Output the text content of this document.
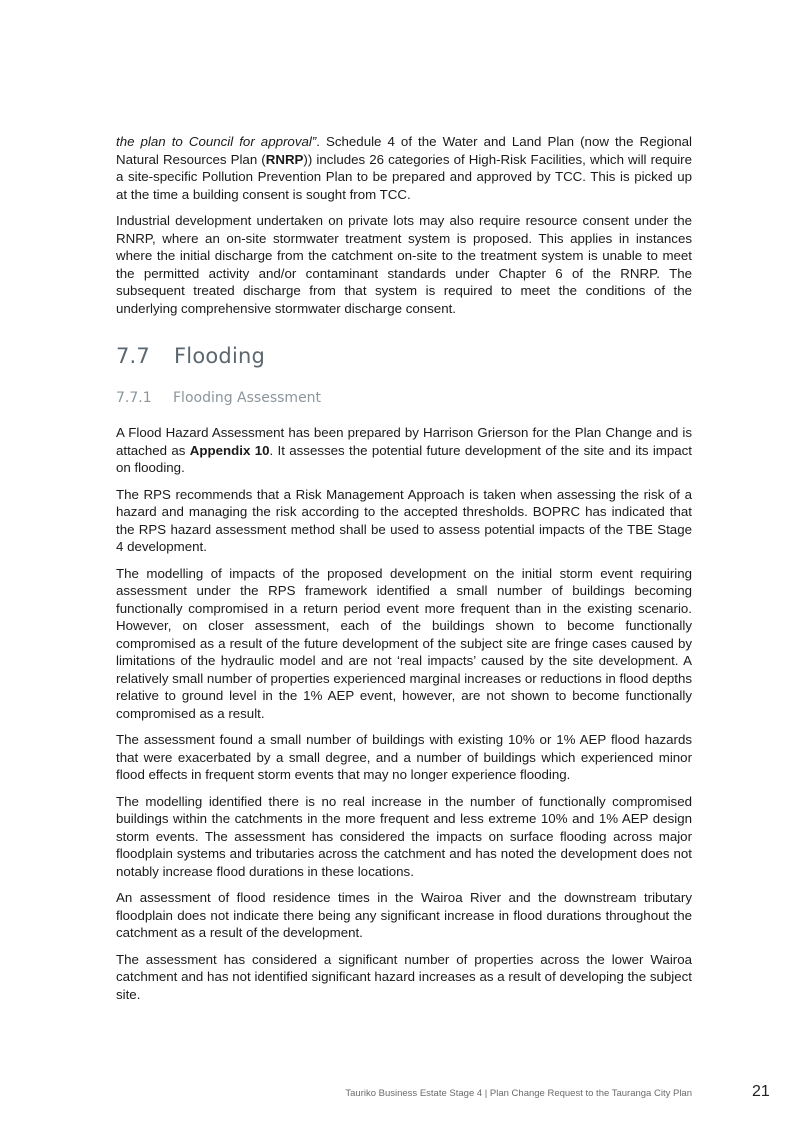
the plan to Council for approval”. Schedule 4 of the Water and Land Plan (now the Regional Natural Resources Plan (RNRP)) includes 26 categories of High-Risk Facilities, which will require a site-specific Pollution Prevention Plan to be prepared and approved by TCC. This is picked up at the time a building consent is sought from TCC.

Industrial development undertaken on private lots may also require resource consent under the RNRP, where an on-site stormwater treatment system is proposed. This applies in instances where the initial discharge from the catchment on-site to the treatment system is unable to meet the permitted activity and/or contaminant standards under Chapter 6 of the RNRP. The subsequent treated discharge from that system is required to meet the conditions of the underlying comprehensive stormwater discharge consent.

7.7 Flooding
7.7.1 Flooding Assessment

A Flood Hazard Assessment has been prepared by Harrison Grierson for the Plan Change and is attached as Appendix 10. It assesses the potential future development of the site and its impact on flooding.

The RPS recommends that a Risk Management Approach is taken when assessing the risk of a hazard and managing the risk according to the accepted thresholds. BOPRC has indicated that the RPS hazard assessment method shall be used to assess potential impacts of the TBE Stage 4 development.

The modelling of impacts of the proposed development on the initial storm event requiring assessment under the RPS framework identified a small number of buildings becoming functionally compromised in a return period event more frequent than in the existing scenario. However, on closer assessment, each of the buildings shown to become functionally compromised as a result of the future development of the subject site are fringe cases caused by limitations of the hydraulic model and are not ‘real impacts’ caused by the site development. A relatively small number of properties experienced marginal increases or reductions in flood depths relative to ground level in the 1% AEP event, however, are not shown to become functionally compromised as a result.

The assessment found a small number of buildings with existing 10% or 1% AEP flood hazards that were exacerbated by a small degree, and a number of buildings which experienced minor flood effects in frequent storm events that may no longer experience flooding.

The modelling identified there is no real increase in the number of functionally compromised buildings within the catchments in the more frequent and less extreme 10% and 1% AEP design storm events. The assessment has considered the impacts on surface flooding across major floodplain systems and tributaries across the catchment and has noted the development does not notably increase flood durations in these locations.

An assessment of flood residence times in the Wairoa River and the downstream tributary floodplain does not indicate there being any significant increase in flood durations throughout the catchment as a result of the development.

The assessment has considered a significant number of properties across the lower Wairoa catchment and has not identified significant hazard increases as a result of developing the subject site.

Tauriko Business Estate Stage 4 | Plan Change Request to the Tauranga City Plan	21
